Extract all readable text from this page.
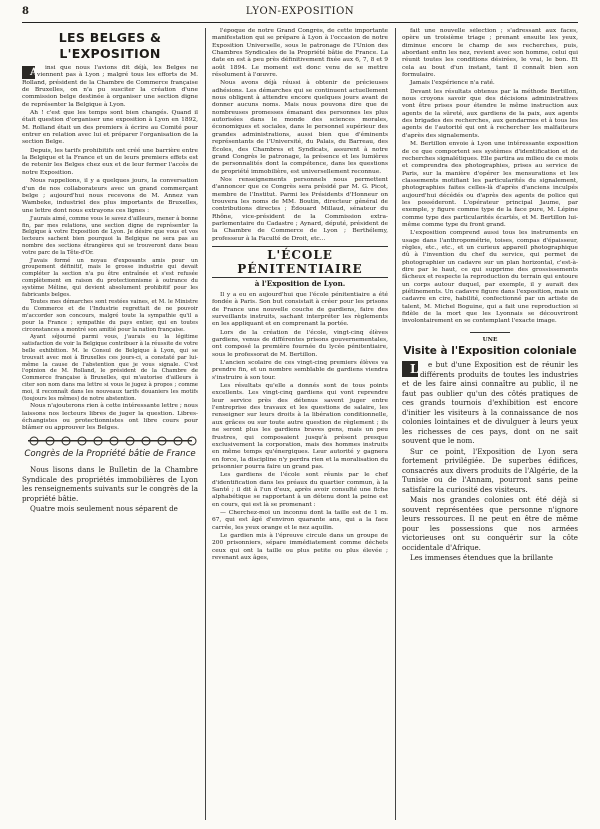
8	LYON-EXPOSITION
LES BELGES & L'EXPOSITION

A insi que nous l'avions dit déjà, les Belges ne viennent pas à Lyon ; malgré tous les efforts de M. Rolland, président de la Chambre de Commerce française de Bruxelles, on n'a pu susciter la création d'une commission belge destinée à organiser une section digne de représenter la Belgique à Lyon.

Ah ! c'est que les temps sont bien changés. Quand il était question d'organiser une exposition à Lyon en 1892, M. Rolland était un des premiers à écrire au Comité pour entrer en relation avec lui et préparer l'organisation de la section Belge.

Depuis, les tarifs prohibitifs ont créé une barrière entre la Belgique et la France et un de leurs premiers effets est de retenir les Belges chez eux et de leur fermer l'accès de notre Exposition.

Nous rappelions, il y a quelques jours, la conversation d'un de nos collaborateurs avec un grand commerçant belge ; aujourd'hui nous recevons de M. Annez van Wambeke, industriel des plus importants de Bruxelles, une lettre dont nous extrayons ces lignes :

J'aurais aimé, comme vous le savez d'ailleurs, mener à bonne fin, par mes relations, une section digne de représenter la Belgique à votre Exposition de Lyon. Je désire que vous et vos lecteurs sachent bien pourquoi la Belgique ne sera pas au nombre des sections étrangères qui se trouveront dans beau votre parc de la Tête-d'Or.

J'avais formé un noyau d'exposants amis pour un groupement définitif, mais le grosse industrie qui devait compléter la section n'a pu être entraînée et s'est refusée complètement en raison du protectionnisme à outrance du système Méline, qui devient absolument prohibitif pour les fabricants belges.

Toutes mes démarches sont restées vaines, et M. le Ministre du Commerce et de l'Industrie regrettait de ne pouvoir m'accorder son concours, malgré toute la sympathie qu'il a pour la France ; sympathie du pays entier, qui en toutes circonstances a montré son amitié pour la nation française.

Ayant séjourné parmi vous, j'aurais eu la légitime satisfaction de voir la Belgique contribuer à la réussite de votre belle exhibition. M. le Consul de Belgique à Lyon, qui se trouvait avec moi à Bruxelles ces jours-ci, a constaté par lui-même la cause de l'abstention que je vous signale. C'est l'opinion de M. Rolland, le président de la Chambre de Commerce française à Bruxelles, qui m'autorise d'ailleurs à citer son nom dans ma lettre si vous le jugez à propos ; comme moi, il reconnaît dans les nouveaux tarifs douaniers les motifs (toujours les mêmes) de notre abstention.

Nous n'ajouterons rien à cette intéressante lettre ; nous laissons nos lecteurs libres de juger la question. Libres-échangistes ou protectionnistes ont libre cours pour blâmer ou approuver les Belges.

Congrès de la Propriété bâtie de France

Nous lisons dans le Bulletin de la Chambre Syndicale des propriétés immobilières de Lyon les renseignements suivants sur le congrès de la propriété bâtie.

Quatre mois seulement nous séparent de

l'époque de notre Grand Congrès, de cette importante manifestation qui se prépare à Lyon à l'occasion de notre Exposition Universelle, sous le patronage de l'Union des Chambres Syndicales de la Propriété bâtie de France. La date en est à peu près définitivement fixée aux 6, 7, 8 et 9 août 1894. Le moment est donc venu de se mettre résolument à l'œuvre.

Nous avons déjà réussi à obtenir de précieuses adhésions. Les démarches qui se continuent actuellement nous obligent à attendre encore quelques jours avant de donner aucuns noms. Mais nous pouvons dire que de nombreuses promesses émanant des personnes les plus autorisées dans le monde des sciences morales, économiques et sociales, dans le personnel supérieur des grandes administrations, aussi bien que d'éminents représentants de l'Université, du Palais, du Barreau, des Écoles, des Chambres et Syndicats, assurent à notre grand Congrès le patronage, la présence et les lumières de personnalités dont la compétence, dans les questions de propriété immobilière, est universellement reconnue.

Nos renseignements personnels nous permettent d'annoncer que ce Congrès sera présidé par M. G. Picot, membre de l'Institut. Parmi les Présidents d'Honneur on trouvera les noms de MM. Boutin, directeur général de contributions directes ; Édouard Millaud, sénateur du Rhône, vice-président de la Commission extra-parlementaire du Cadastre ; Aynard, député, président de la Chambre de Commerce de Lyon ; Berthélemy, professeur à la Faculté de Droit, etc...

L'ÉCOLE PÉNITENTIAIRE
à l'Exposition de Lyon.

Il y a eu en aujourd'hui que l'école pénitentiaire a été fondée à Paris. Son but consistait à créer pour les prisons de France une nouvelle couche de gardiens, faire des surveillants instruits, sachant interpréter les règlements en les appliquant et en comprenant la portée.

Lors de la création de l'école, vingt-cinq élèves gardiens, venus de différentes prisons gouvernementales, ont composé la première fournée du lycée pénitentiaire, sous le professorat de M. Bertillon.

L'ancien scolaire de ces vingt-cinq premiers élèves va prendre fin, et un nombre semblable de gardiens viendra s'instruire à son tour.

Les résultats qu'elle a donnés sont de tous points excellents. Les vingt-cinq gardiens qui vont reprendre leur service près des détenus savent juger entre l'entreprise des travaux et les questions de salaire, les renseigner sur leurs droits à la libération conditionnelle, aux grâces ou sur toute autre question de règlement ; ils ne seront plus les gardiens braves gens, mais un peu frustres, qui composaient jusqu'à présent presque exclusivement la corporation, mais des hommes instruits en même temps qu'énergiques. Leur autorité y gagnera en force, la discipline n'y perdra rien et la moralisation du prisonnier pourra faire un grand pas.

Les gardiens de l'école sont réunis par le chef d'identification dans les préaux du quartier commun, à la Santé ; il dit à l'un d'eux, après avoir consulté une fiche alphabétique se rapportant à un détenu dont la peine est en cours, qui est là se promenant :

— Cherchez-moi un inconnu dont la taille est de 1 m. 67, qui est âgé d'environ quarante ans, qui a la face carrée, les yeux orange et le nez aquilin.

Le gardien mis à l'épreuve circule dans un groupe de 200 prisonniers, sépare immédiatement comme déchets ceux qui ont la taille ou plus petite ou plus élevée ; revenant aux âges,

fait une nouvelle sélection ; s'adressant aux faces, opère un troisième triage ; prenant ensuite les yeux, diminue encore le champ de ses recherches, puis, abordant enfin les nez, revient avec son homme, celui qui réunit toutes les conditions désirées, le vrai, le bon. Et cela au bout d'un instant, tant il connaît bien son formulaire.

Jamais l'expérience n'a raté.

Devant les résultats obtenus par la méthode Bertillon, nous croyons savoir que des décisions administratives vont être prises pour étendre le même instruction aux agents de la sûreté, aux gardiens de la paix, aux agents des brigades des recherches, aux gendarmes et à tous les agents de l'autorité qui ont à rechercher les malfaiteurs d'après des signalements.

M. Bertillon envoie à Lyon une intéressante exposition de ce que comportent ses systèmes d'identification et de recherches signalétiques. Elle partira au milieu de ce mois et comprendra des photographies, prises au service de Paris, sur la manière d'opérer les mensurations et les classements motifiant les particularités du signalement, photographies faites celles-là d'après d'anciens inculpés aujourd'hui décédés ou d'après des agents de police qui les posséderont. L'opérateur principal Jaume, par exemple, y figure comme type de la face pure, M. Lépine comme type des particularités écartés, et M. Bertillon lui-même comme type du front grand.

L'exposition comprend aussi tous les instruments en usage dans l'anthropométrie, toises, compas d'épaisseur, règles, etc., etc., et un curieux appareil photographique dû à l'invention du chef du service, qui permet de photographier un cadavre sur un plan horizontal, c'est-à-dire par le haut, ce qui supprime des grossissements fâcheux et respecte la reproduction du terrain qui entoure un corps autour duquel, par exemple, il y aurait des piétinements. Un cadavre figure dans l'exposition, mais un cadavre en cire, habilité, confectionné par un artiste de talent, M. Michel Boguine, qui a fait une reproduction si fidèle de la mort que les Lyonnais se découvriront involontairement en se contemplant l'exacte image.

UNE
Visite à l'Exposition coloniale

L e but d'une Exposition est de réunir les différents produits de toutes les industries et de les faire ainsi connaître au public, il ne faut pas oublier qu'un des côtés pratiques de ces grands tournois d'exhibition est encore d'initier les visiteurs à la connaissance de nos colonies lointaines et de divulguer à leurs yeux les richesses de ces pays, dont on ne sait souvent que le nom.

Sur ce point, l'Exposition de Lyon sera fortement privilégiée. De superbes édifices, consacrés aux divers produits de l'Algérie, de la Tunisie ou de l'Annam, pourront sans peine satisfaire la curiosité des visiteurs.

Mais nos grandes colonies ont été déjà si souvent représentées que personne n'ignore leurs ressources. Il ne peut en être de même pour les possessions que nos armées victorieuses ont su conquérir sur la côte occidentale d'Afrique.

Les immenses étendues que la brillante
